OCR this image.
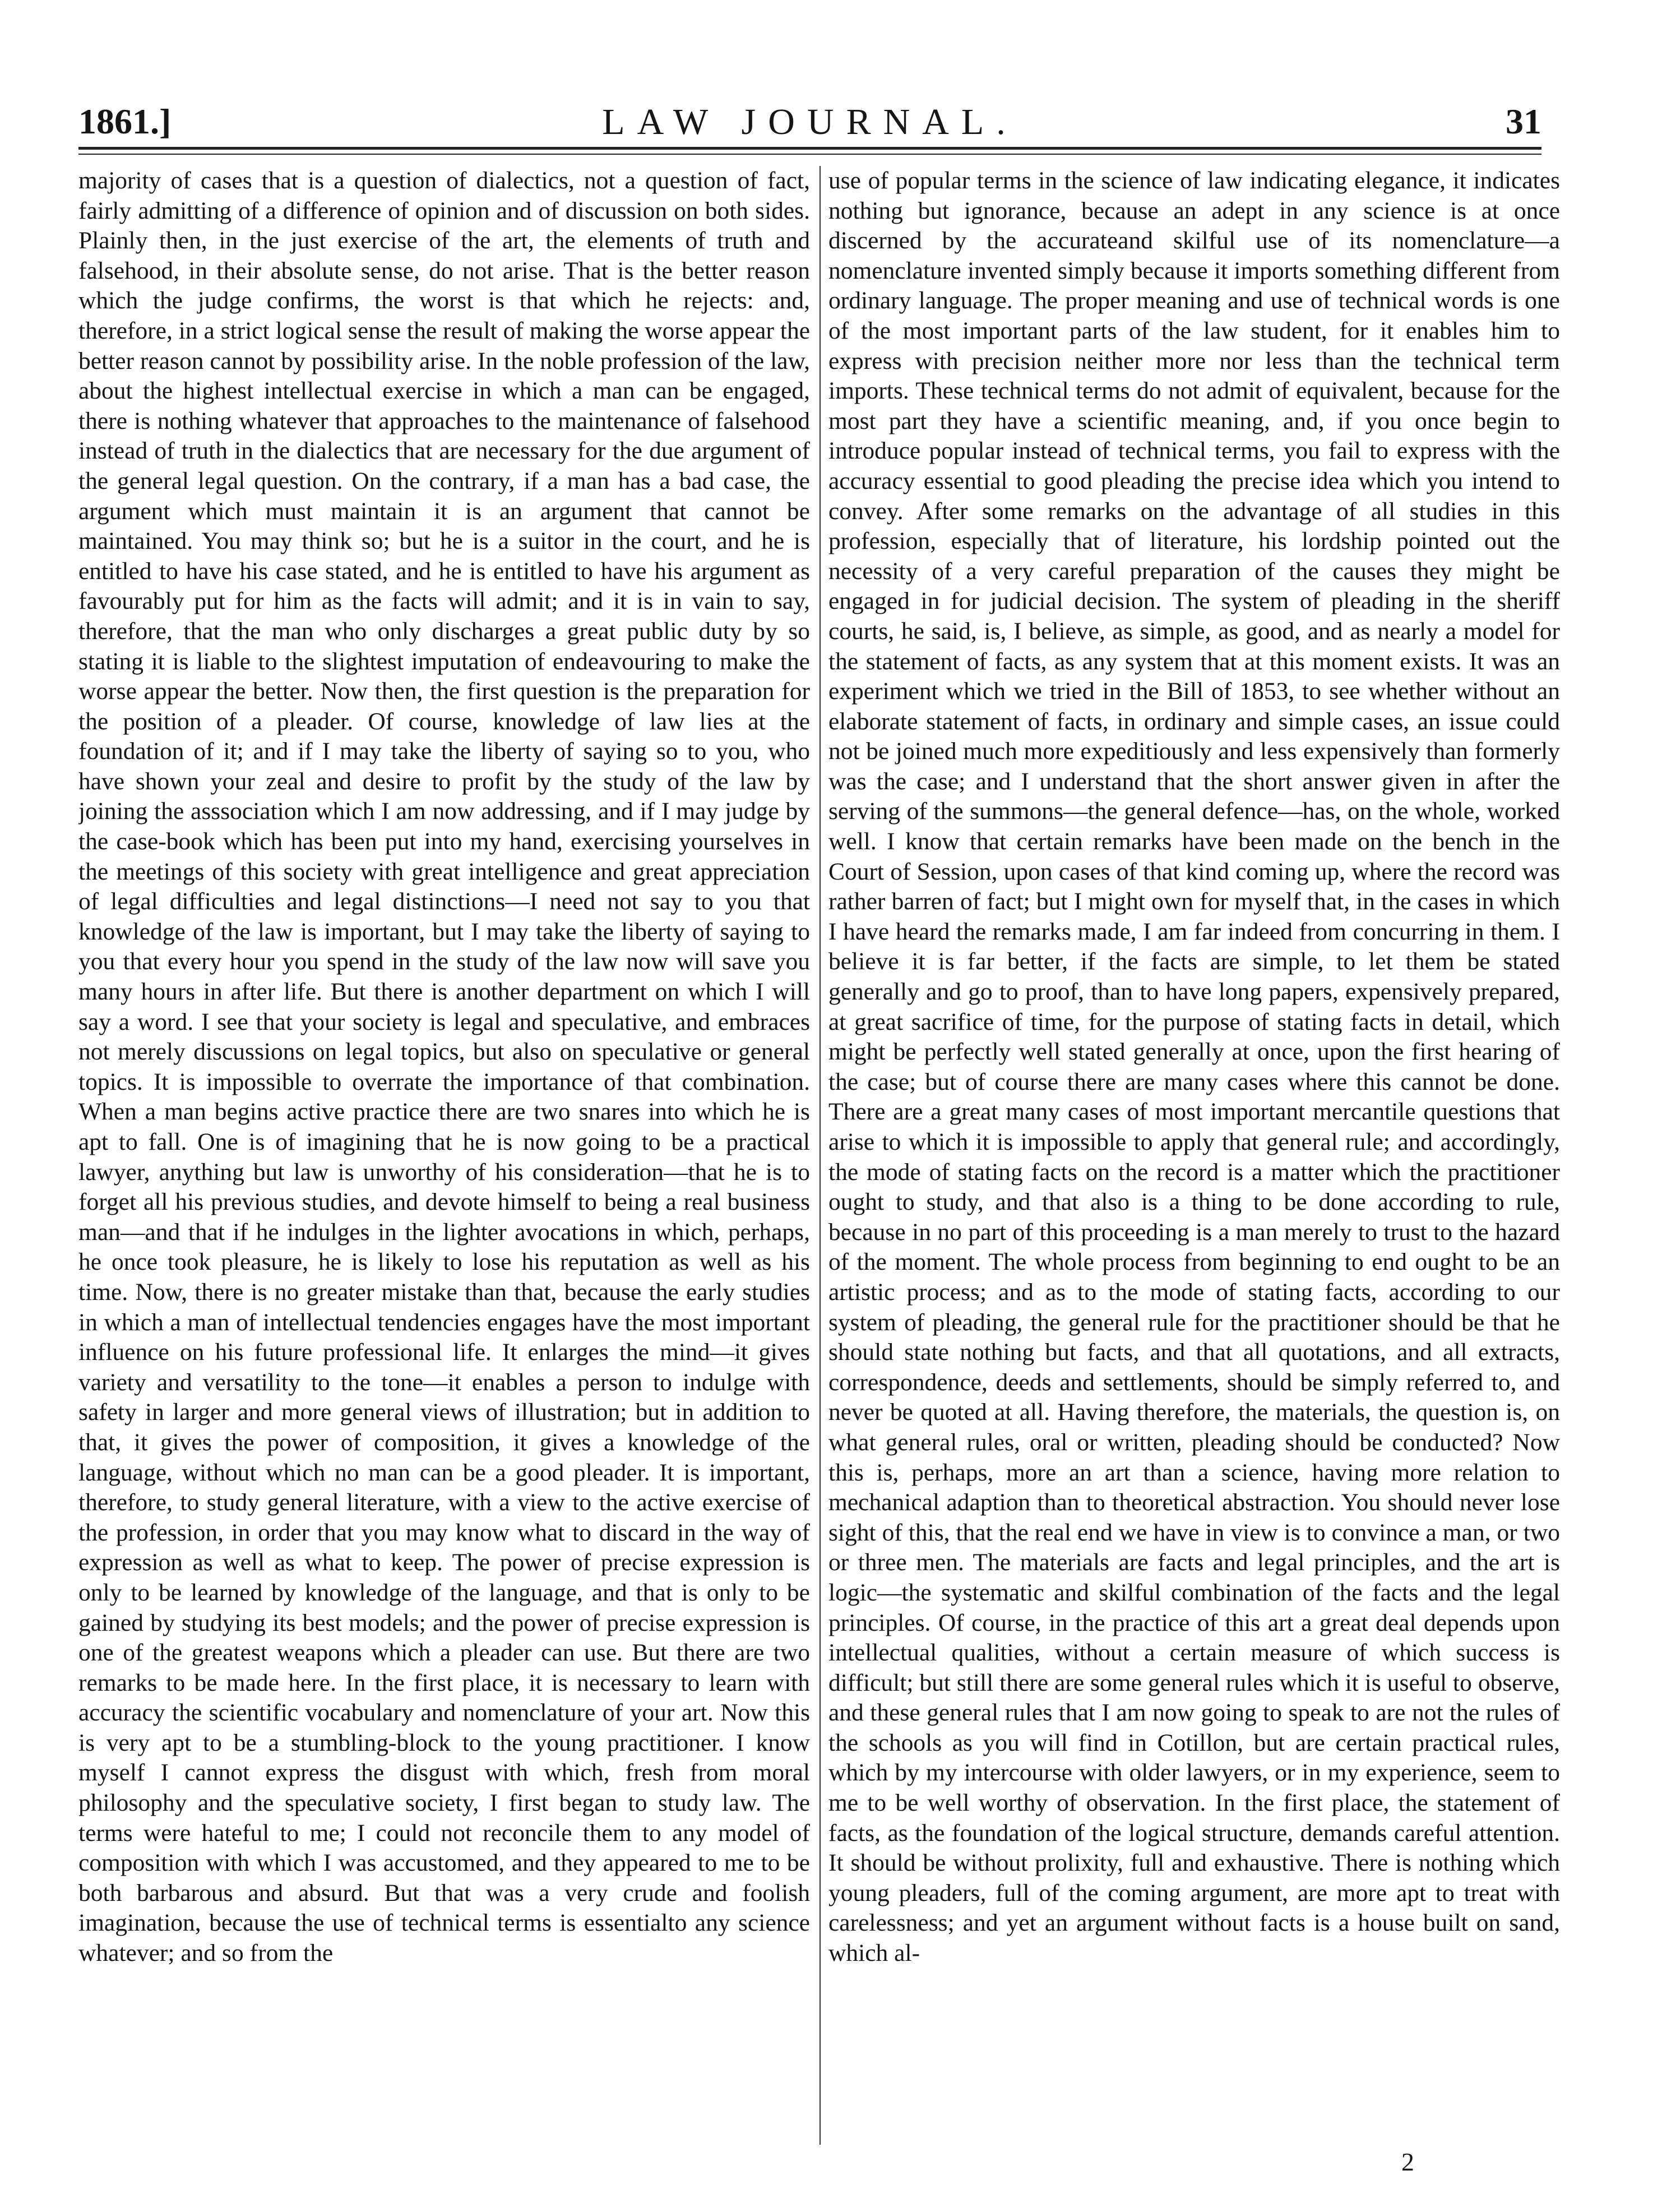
1861.]	LAW JOURNAL.	31

majority of cases that is a question of dialectics, not a question of fact, fairly admitting of a difference of opinion and of discussion on both sides. Plainly then, in the just exercise of the art, the elements of truth and falsehood, in their absolute sense, do not arise. That is the better reason which the judge confirms, the worst is that which he rejects: and, therefore, in a strict logical sense the result of making the worse appear the better reason cannot by possibility arise. In the noble profession of the law, about the highest intellectual exercise in which a man can be engaged, there is nothing whatever that approaches to the maintenance of falsehood instead of truth in the dialectics that are necessary for the due argument of the general legal question. On the contrary, if a man has a bad case, the argument which must maintain it is an argument that cannot be maintained. You may think so; but he is a suitor in the court, and he is entitled to have his case stated, and he is entitled to have his argument as favourably put for him as the facts will admit; and it is in vain to say, therefore, that the man who only discharges a great public duty by so stating it is liable to the slightest imputation of endeavouring to make the worse appear the better. Now then, the first question is the preparation for the position of a pleader. Of course, knowledge of law lies at the foundation of it; and if I may take the liberty of saying so to you, who have shown your zeal and desire to profit by the study of the law by joining the asssociation which I am now addressing, and if I may judge by the case-book which has been put into my hand, exercising yourselves in the meetings of this society with great intelligence and great appreciation of legal difficulties and legal distinctions—I need not say to you that knowledge of the law is important, but I may take the liberty of saying to you that every hour you spend in the study of the law now will save you many hours in after life. But there is another department on which I will say a word. I see that your society is legal and speculative, and embraces not merely discussions on legal topics, but also on speculative or general topics. It is impossible to overrate the importance of that combination. When a man begins active practice there are two snares into which he is apt to fall. One is of imagining that he is now going to be a practical lawyer, anything but law is unworthy of his consideration—that he is to forget all his previous studies, and devote himself to being a real business man—and that if he indulges in the lighter avocations in which, perhaps, he once took pleasure, he is likely to lose his reputation as well as his time. Now, there is no greater mistake than that, because the early studies in which a man of intellectual tendencies engages have the most important influence on his future professional life. It enlarges the mind—it gives variety and versatility to the tone—it enables a person to indulge with safety in larger and more general views of illustration; but in addition to that, it gives the power of composition, it gives a knowledge of the language, without which no man can be a good pleader. It is important, therefore, to study general literature, with a view to the active exercise of the profession, in order that you may know what to discard in the way of expression as well as what to keep. The power of precise expression is only to be learned by knowledge of the language, and that is only to be gained by studying its best models; and the power of precise expression is one of the greatest weapons which a pleader can use. But there are two remarks to be made here. In the first place, it is necessary to learn with accuracy the scientific vocabulary and nomenclature of your art. Now this is very apt to be a stumbling-block to the young practitioner. I know myself I cannot express the disgust with which, fresh from moral philosophy and the speculative society, I first began to study law. The terms were hateful to me; I could not reconcile them to any model of composition with which I was accustomed, and they appeared to me to be both barbarous and absurd. But that was a very crude and foolish imagination, because the use of technical terms is essentialto any science whatever; and so from the

use of popular terms in the science of law indicating elegance, it indicates nothing but ignorance, because an adept in any science is at once discerned by the accurateand skilful use of its nomenclature—a nomenclature invented simply because it imports something different from ordinary language. The proper meaning and use of technical words is one of the most important parts of the law student, for it enables him to express with precision neither more nor less than the technical term imports. These technical terms do not admit of equivalent, because for the most part they have a scientific meaning, and, if you once begin to introduce popular instead of technical terms, you fail to express with the accuracy essential to good pleading the precise idea which you intend to convey. After some remarks on the advantage of all studies in this profession, especially that of literature, his lordship pointed out the necessity of a very careful preparation of the causes they might be engaged in for judicial decision. The system of pleading in the sheriff courts, he said, is, I believe, as simple, as good, and as nearly a model for the statement of facts, as any system that at this moment exists. It was an experiment which we tried in the Bill of 1853, to see whether without an elaborate statement of facts, in ordinary and simple cases, an issue could not be joined much more expeditiously and less expensively than formerly was the case; and I understand that the short answer given in after the serving of the summons—the general defence—has, on the whole, worked well. I know that certain remarks have been made on the bench in the Court of Session, upon cases of that kind coming up, where the record was rather barren of fact; but I might own for myself that, in the cases in which I have heard the remarks made, I am far indeed from concurring in them. I believe it is far better, if the facts are simple, to let them be stated generally and go to proof, than to have long papers, expensively prepared, at great sacrifice of time, for the purpose of stating facts in detail, which might be perfectly well stated generally at once, upon the first hearing of the case; but of course there are many cases where this cannot be done. There are a great many cases of most important mercantile questions that arise to which it is impossible to apply that general rule; and accordingly, the mode of stating facts on the record is a matter which the practitioner ought to study, and that also is a thing to be done according to rule, because in no part of this proceeding is a man merely to trust to the hazard of the moment. The whole process from beginning to end ought to be an artistic process; and as to the mode of stating facts, according to our system of pleading, the general rule for the practitioner should be that he should state nothing but facts, and that all quotations, and all extracts, correspondence, deeds and settlements, should be simply referred to, and never be quoted at all. Having therefore, the materials, the question is, on what general rules, oral or written, pleading should be conducted? Now this is, perhaps, more an art than a science, having more relation to mechanical adaption than to theoretical abstraction. You should never lose sight of this, that the real end we have in view is to convince a man, or two or three men. The materials are facts and legal principles, and the art is logic—the systematic and skilful combination of the facts and the legal principles. Of course, in the practice of this art a great deal depends upon intellectual qualities, without a certain measure of which success is difficult; but still there are some general rules which it is useful to observe, and these general rules that I am now going to speak to are not the rules of the schools as you will find in Cotillon, but are certain practical rules, which by my intercourse with older lawyers, or in my experience, seem to me to be well worthy of observation. In the first place, the statement of facts, as the foundation of the logical structure, demands careful attention. It should be without prolixity, full and exhaustive. There is nothing which young pleaders, full of the coming argument, are more apt to treat with carelessness; and yet an argument without facts is a house built on sand, which al-

2
